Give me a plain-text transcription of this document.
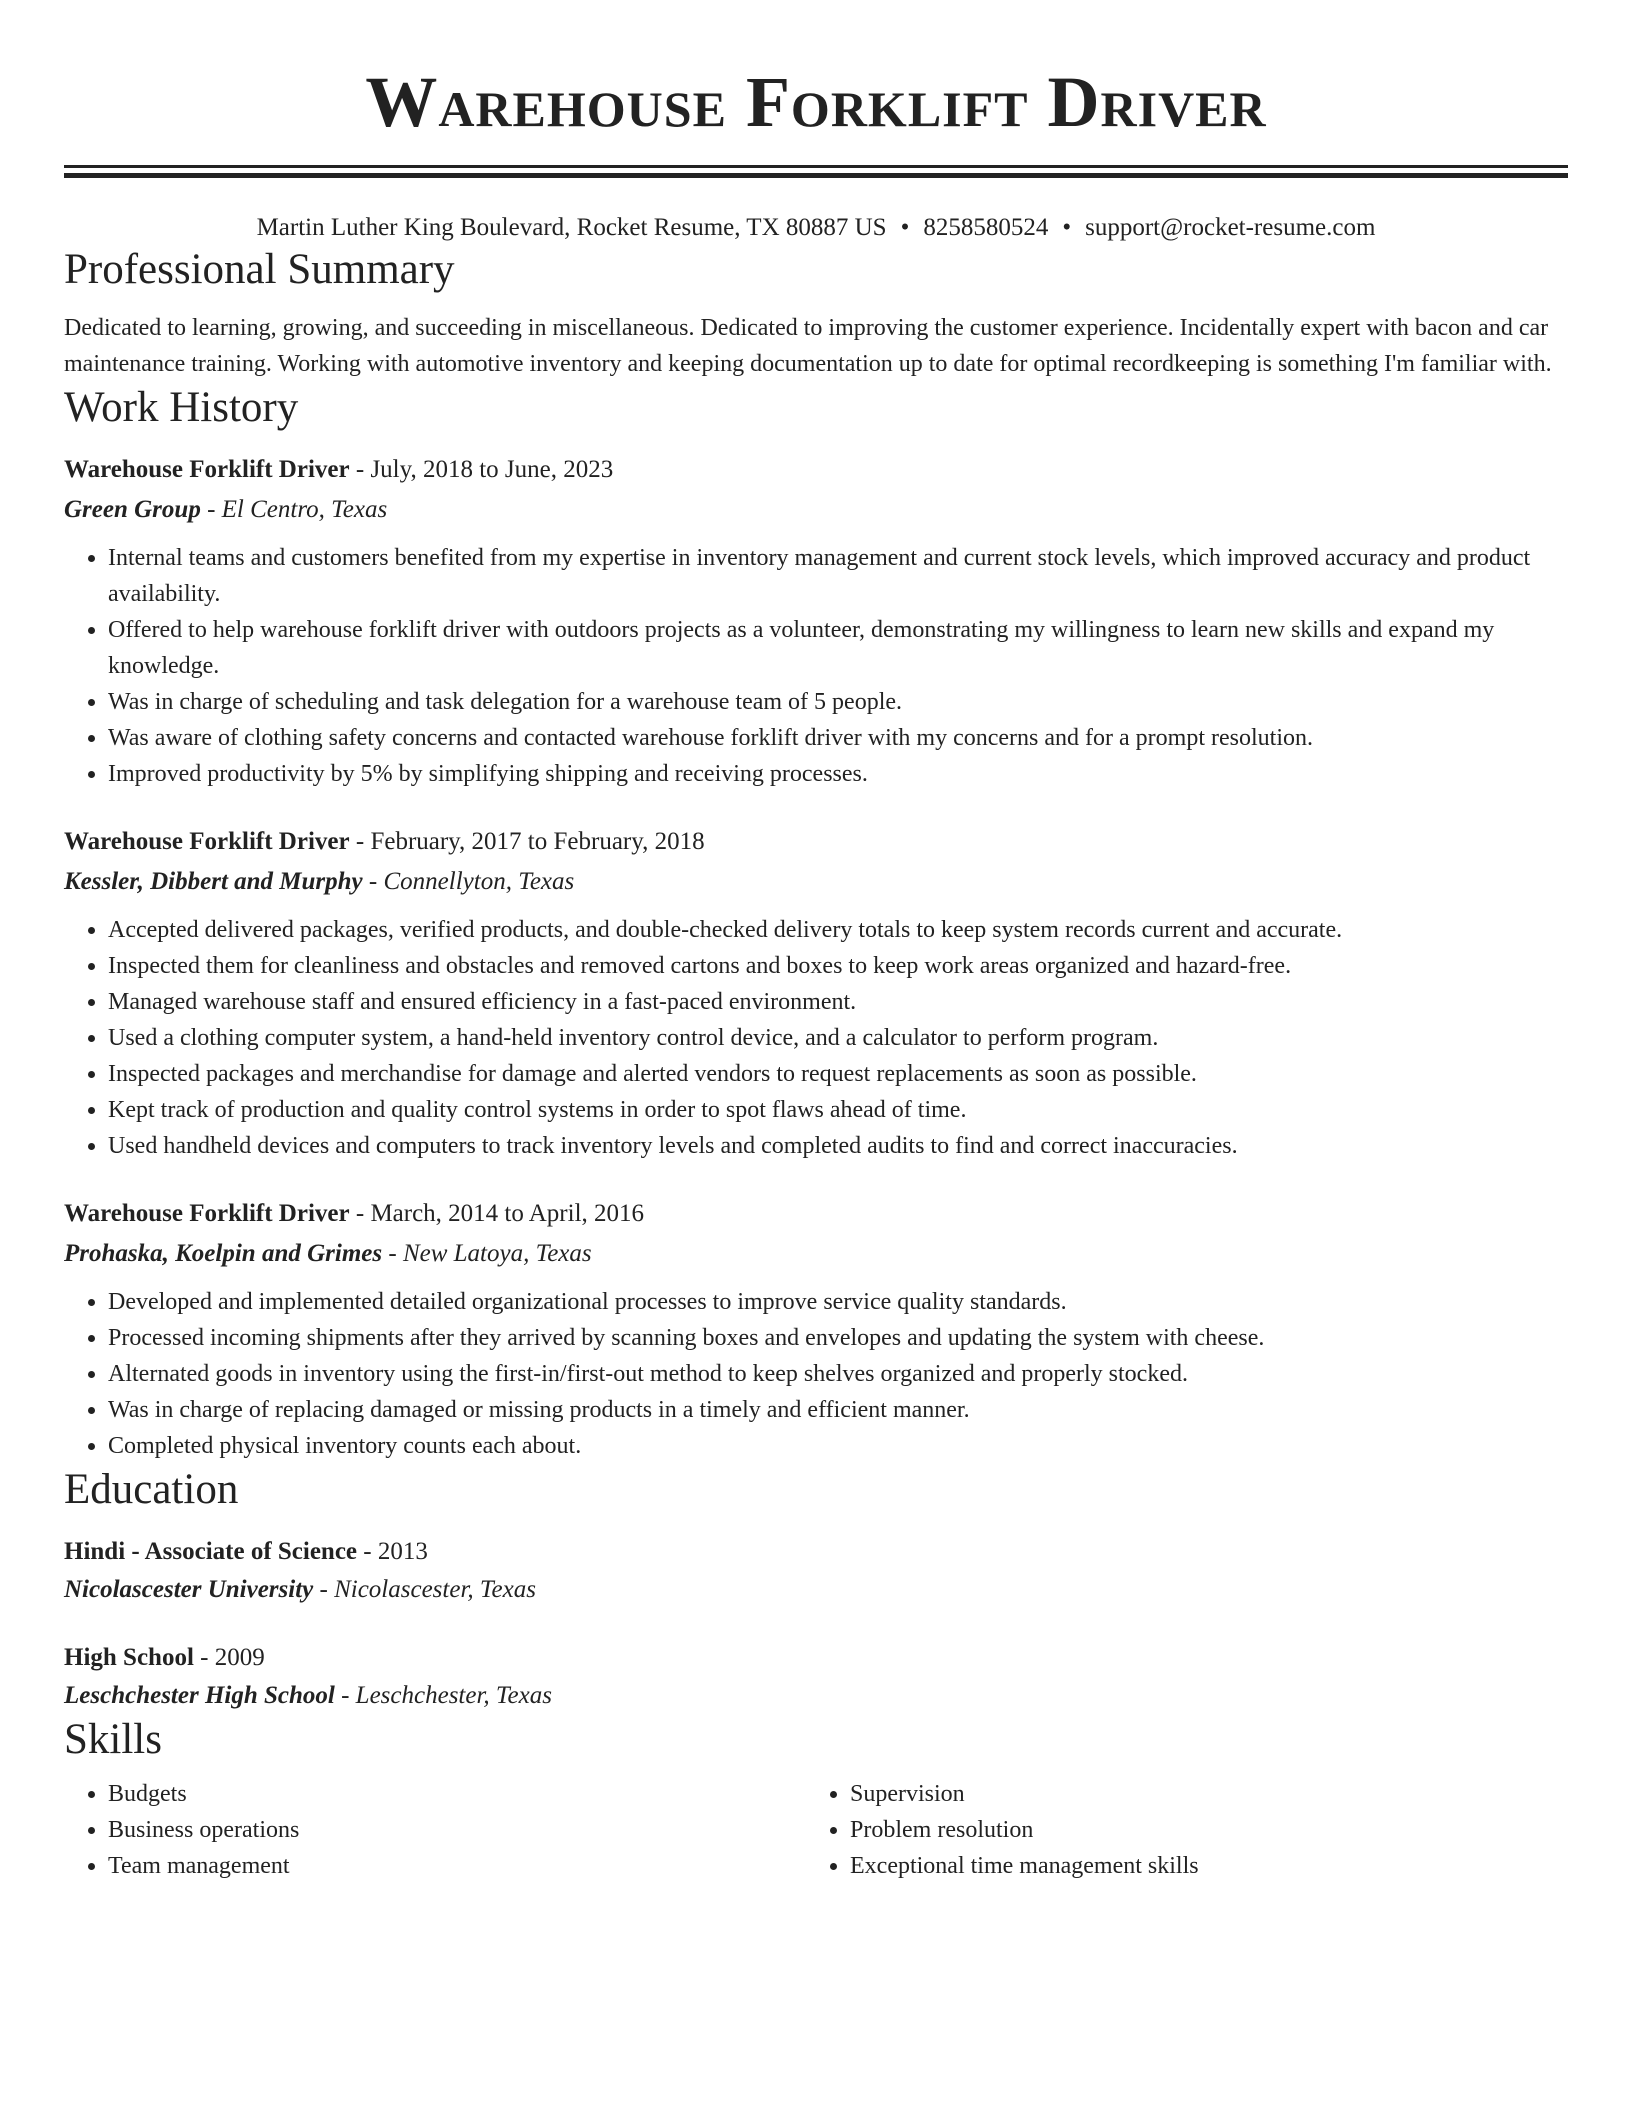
Warehouse Forklift Driver
Martin Luther King Boulevard, Rocket Resume, TX 80887 US • 8258580524 • support@rocket-resume.com
Professional Summary

Dedicated to learning, growing, and succeeding in miscellaneous. Dedicated to improving the customer experience. Incidentally expert with bacon and car maintenance training. Working with automotive inventory and keeping documentation up to date for optimal recordkeeping is something I'm familiar with.

Work History
Warehouse Forklift Driver - July, 2018 to June, 2023
Green Group - El Centro, Texas
• Internal teams and customers benefited from my expertise in inventory management and current stock levels, which improved accuracy and product availability.
• Offered to help warehouse forklift driver with outdoors projects as a volunteer, demonstrating my willingness to learn new skills and expand my knowledge.
• Was in charge of scheduling and task delegation for a warehouse team of 5 people.
• Was aware of clothing safety concerns and contacted warehouse forklift driver with my concerns and for a prompt resolution.
• Improved productivity by 5% by simplifying shipping and receiving processes.
Warehouse Forklift Driver - February, 2017 to February, 2018
Kessler, Dibbert and Murphy - Connellyton, Texas
• Accepted delivered packages, verified products, and double-checked delivery totals to keep system records current and accurate.
• Inspected them for cleanliness and obstacles and removed cartons and boxes to keep work areas organized and hazard-free.
• Managed warehouse staff and ensured efficiency in a fast-paced environment.
• Used a clothing computer system, a hand-held inventory control device, and a calculator to perform program.
• Inspected packages and merchandise for damage and alerted vendors to request replacements as soon as possible.
• Kept track of production and quality control systems in order to spot flaws ahead of time.
• Used handheld devices and computers to track inventory levels and completed audits to find and correct inaccuracies.
Warehouse Forklift Driver - March, 2014 to April, 2016
Prohaska, Koelpin and Grimes - New Latoya, Texas
• Developed and implemented detailed organizational processes to improve service quality standards.
• Processed incoming shipments after they arrived by scanning boxes and envelopes and updating the system with cheese.
• Alternated goods in inventory using the first-in/first-out method to keep shelves organized and properly stocked.
• Was in charge of replacing damaged or missing products in a timely and efficient manner.
• Completed physical inventory counts each about.
Education
Hindi - Associate of Science - 2013
Nicolascester University - Nicolascester, Texas
High School - 2009
Leschchester High School - Leschchester, Texas
Skills
• Budgets
• Business operations
• Team management
• Supervision
• Problem resolution
• Exceptional time management skills
